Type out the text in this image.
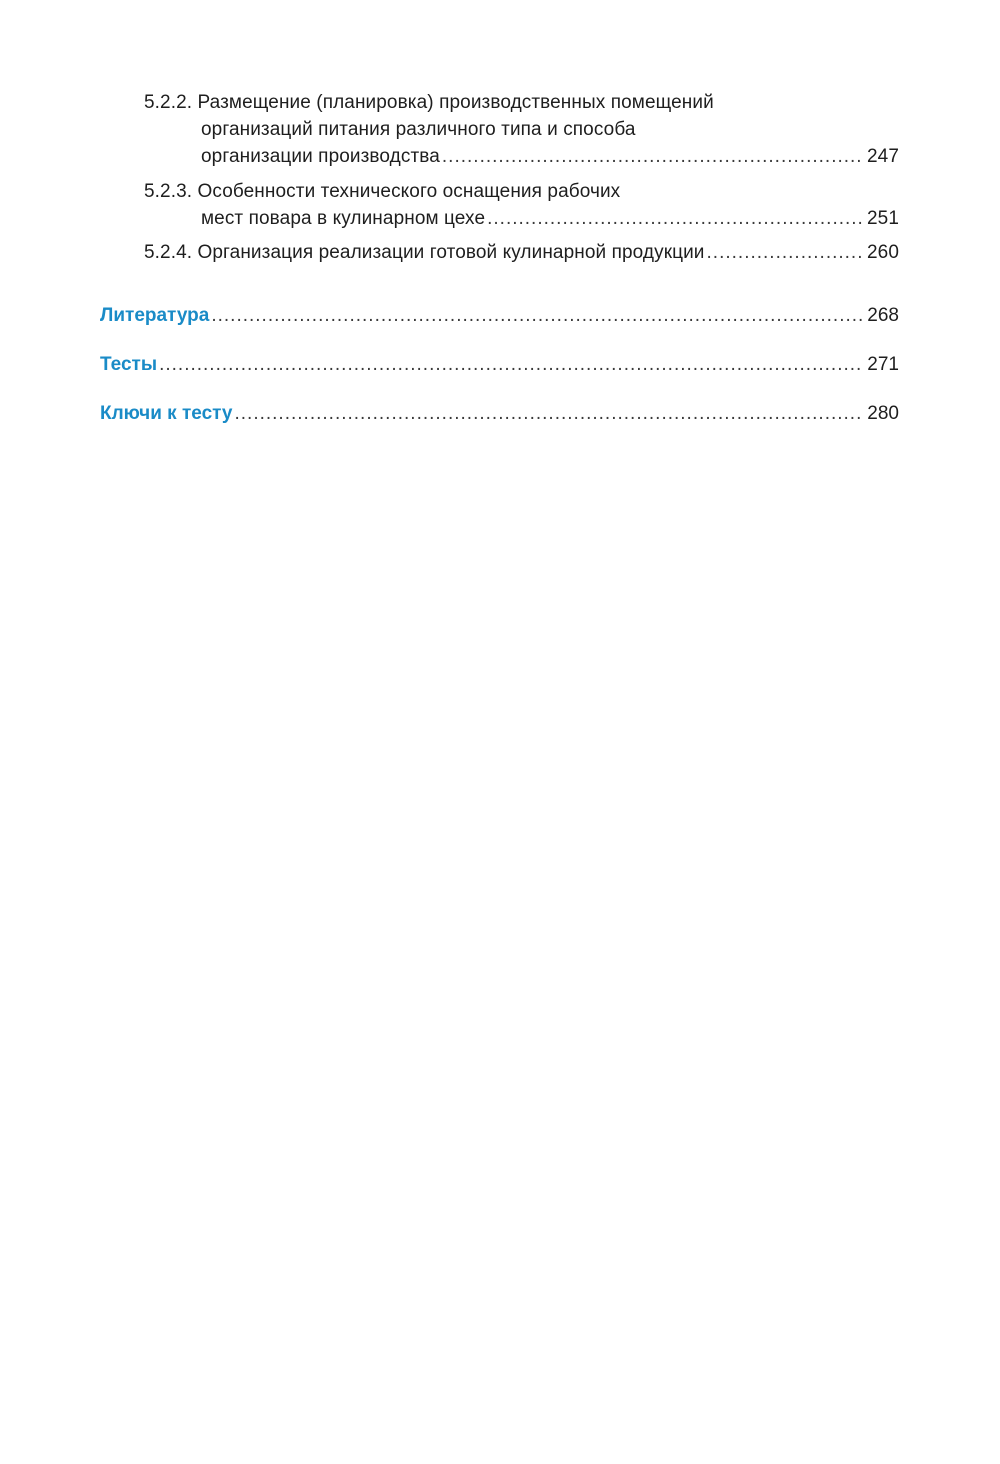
5.2.2. Размещение (планировка) производственных помещений
организаций питания различного типа и способа
организации производства .....	247
5.2.3. Особенности технического оснащения рабочих
мест повара в кулинарном цехе .....	251
5.2.4. Организация реализации готовой кулинарной продукции .....	260
Литература .....	268
Тесты .....	271
Ключи к тесту .....	280
